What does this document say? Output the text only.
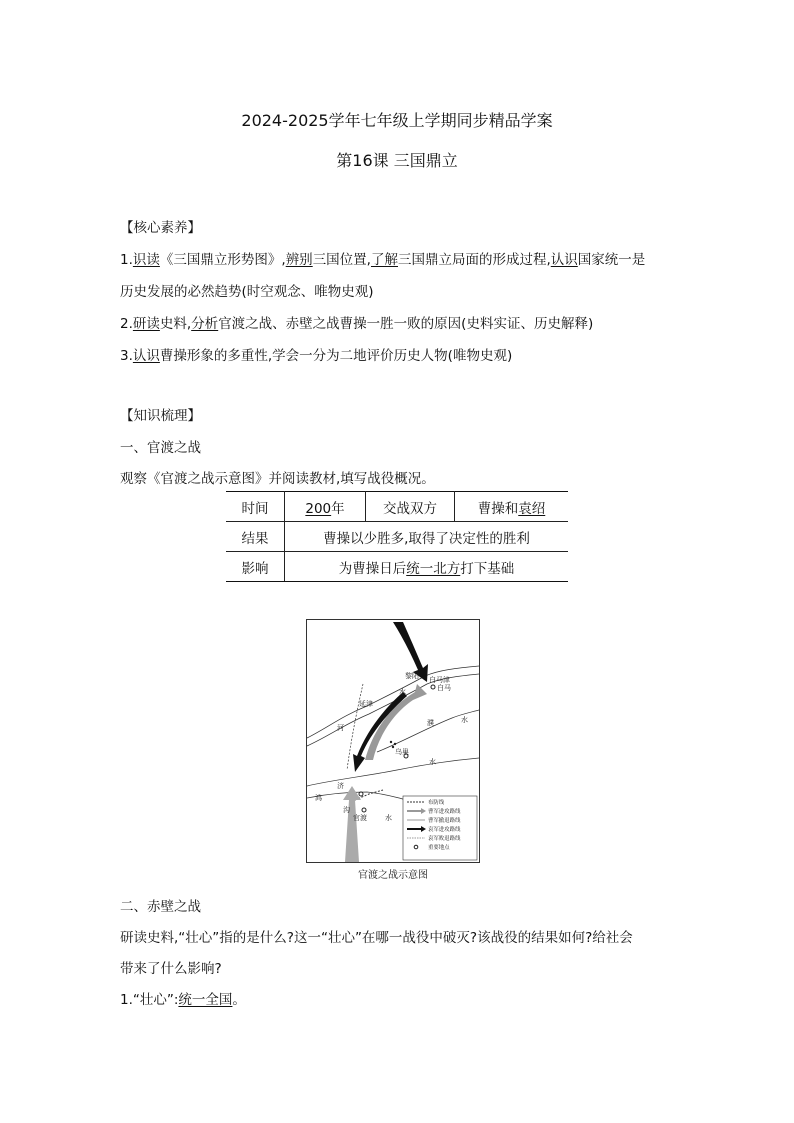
2024-2025学年七年级上学期同步精品学案
第16课 三国鼎立
【核心素养】
1.识读《三国鼎立形势图》,辨别三国位置,了解三国鼎立局面的形成过程,认识国家统一是
历史发展的必然趋势(时空观念、唯物史观)
2.研读史料,分析官渡之战、赤壁之战曹操一胜一败的原因(史料实证、历史解释)
3.认识曹操形象的多重性,学会一分为二地评价历史人物(唯物史观)
【知识梳理】
一、官渡之战
观察《官渡之战示意图》并阅读教材,填写战役概况。
时间	200年	交战双方	曹操和袁绍
结果	曹操以少胜多,取得了决定性的胜利		
影响	为曹操日后统一北方打下基础		
黎阳 白马津
白马
延津
水
河
濮	水
乌巢
水
济
鸿
沟
官渡	水
布防线
曹军进攻路线
曹军撤退路线
袁军进攻路线
袁军败退路线
重要地点
官渡之战示意图
二、赤壁之战
研读史料,“壮心”指的是什么?这一“壮心”在哪一战役中破灭?该战役的结果如何?给社会
带来了什么影响?
1.“壮心”:统一全国。
